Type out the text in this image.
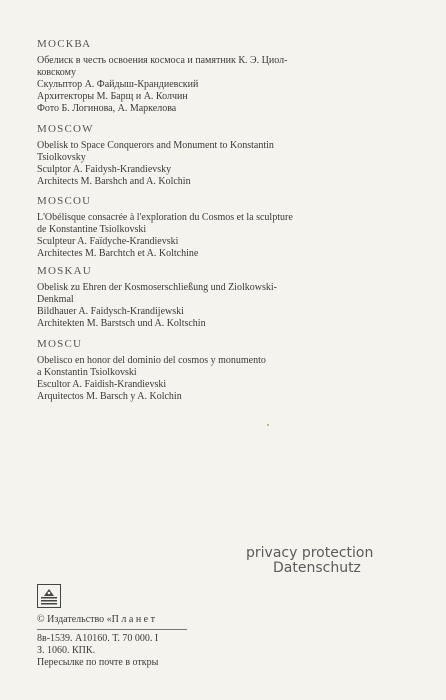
МОСКВА

Обелиск в честь освоения космоса и памятник К. Э. Циол-

ковскому

Скульптор А. Файдыш-Крандиевский

Архитекторы М. Барщ и А. Колчин

Фото Б. Логинова, А. Маркелова

MOSCOW

Obelisk to Space Conquerors and Monument to Konstantin

Tsiolkovsky

Sculptor A. Faidysh-Krandievsky

Architects M. Barshch and A. Kolchin

MOSCOU

L'Obélisque consacrée à l'exploration du Cosmos et la sculpture

de Konstantine Tsiolkovski

Sculpteur A. Faïdyche-Krandievski

Architectes M. Barchtch et A. Koltchine

MOSKAU

Obelisk zu Ehren der Kosmoserschließung und Ziolkowski-

Denkmal

Bildhauer A. Faidysch-Krandijewski

Architekten M. Barstsch und A. Koltschin

MOSCU

Obelisco en honor del dominio del cosmos y monumento

a Konstantin Tsiolkovski

Escultor A. Faidish-Krandievski

Arquitectos M. Barsch y A. Kolchin

privacy protection
Datenschutz

© Издательство «П л а н е т

8в-1539. А10160. Т. 70 000. I

З. 1060. КПК.

Пересылке по почте в откры
